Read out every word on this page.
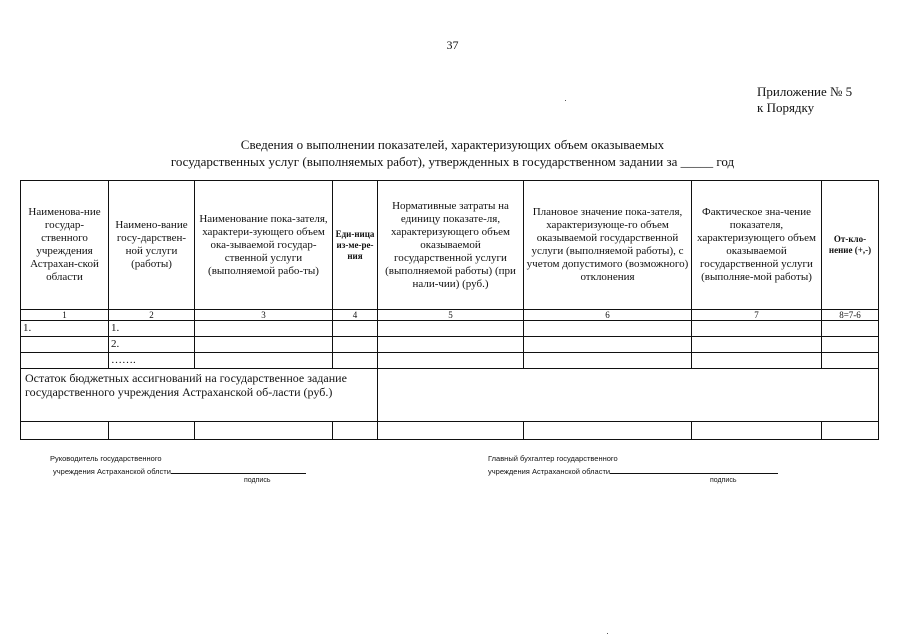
37
Приложение № 5
к Порядку
Сведения о выполнении показателей, характеризующих объем оказываемых
государственных услуг (выполняемых работ), утвержденных в государственном задании за _____ год
Наименова-ние государ-ственного учреждения Астрахан-ской области	Наимено-вание госу-дарствен-ной услуги (работы)	Наименование пока-зателя, характери-зующего объем ока-зываемой государ-ственной услуги (выполняемой рабо-ты)	Еди-ница из-ме-ре-ния	Нормативные затраты на единицу показате-ля, характеризующего объем оказываемой государственной услуги (выполняемой работы) (при нали-чии) (руб.)	Плановое значение пока-зателя, характеризующе-го объем оказываемой государственной услуги (выполняемой работы), с учетом допустимого (возможного) отклонения	Фактическое зна-чение показателя, характеризующего объем оказываемой государственной услуги (выполняе-мой работы)	От-кло-нение (+,-)
1	2	3	4	5	6	7	8=7-6
1.	1.						
	2.						
	…….						
Остаток бюджетных ассигнований на государственное задание государственного учреждения Астраханской об-ласти (руб.)							

Руководитель государственного
учреждения Астраханской облсти
подпись
Главный бухгалтер государственного
учреждения Астраханской области
подпись
